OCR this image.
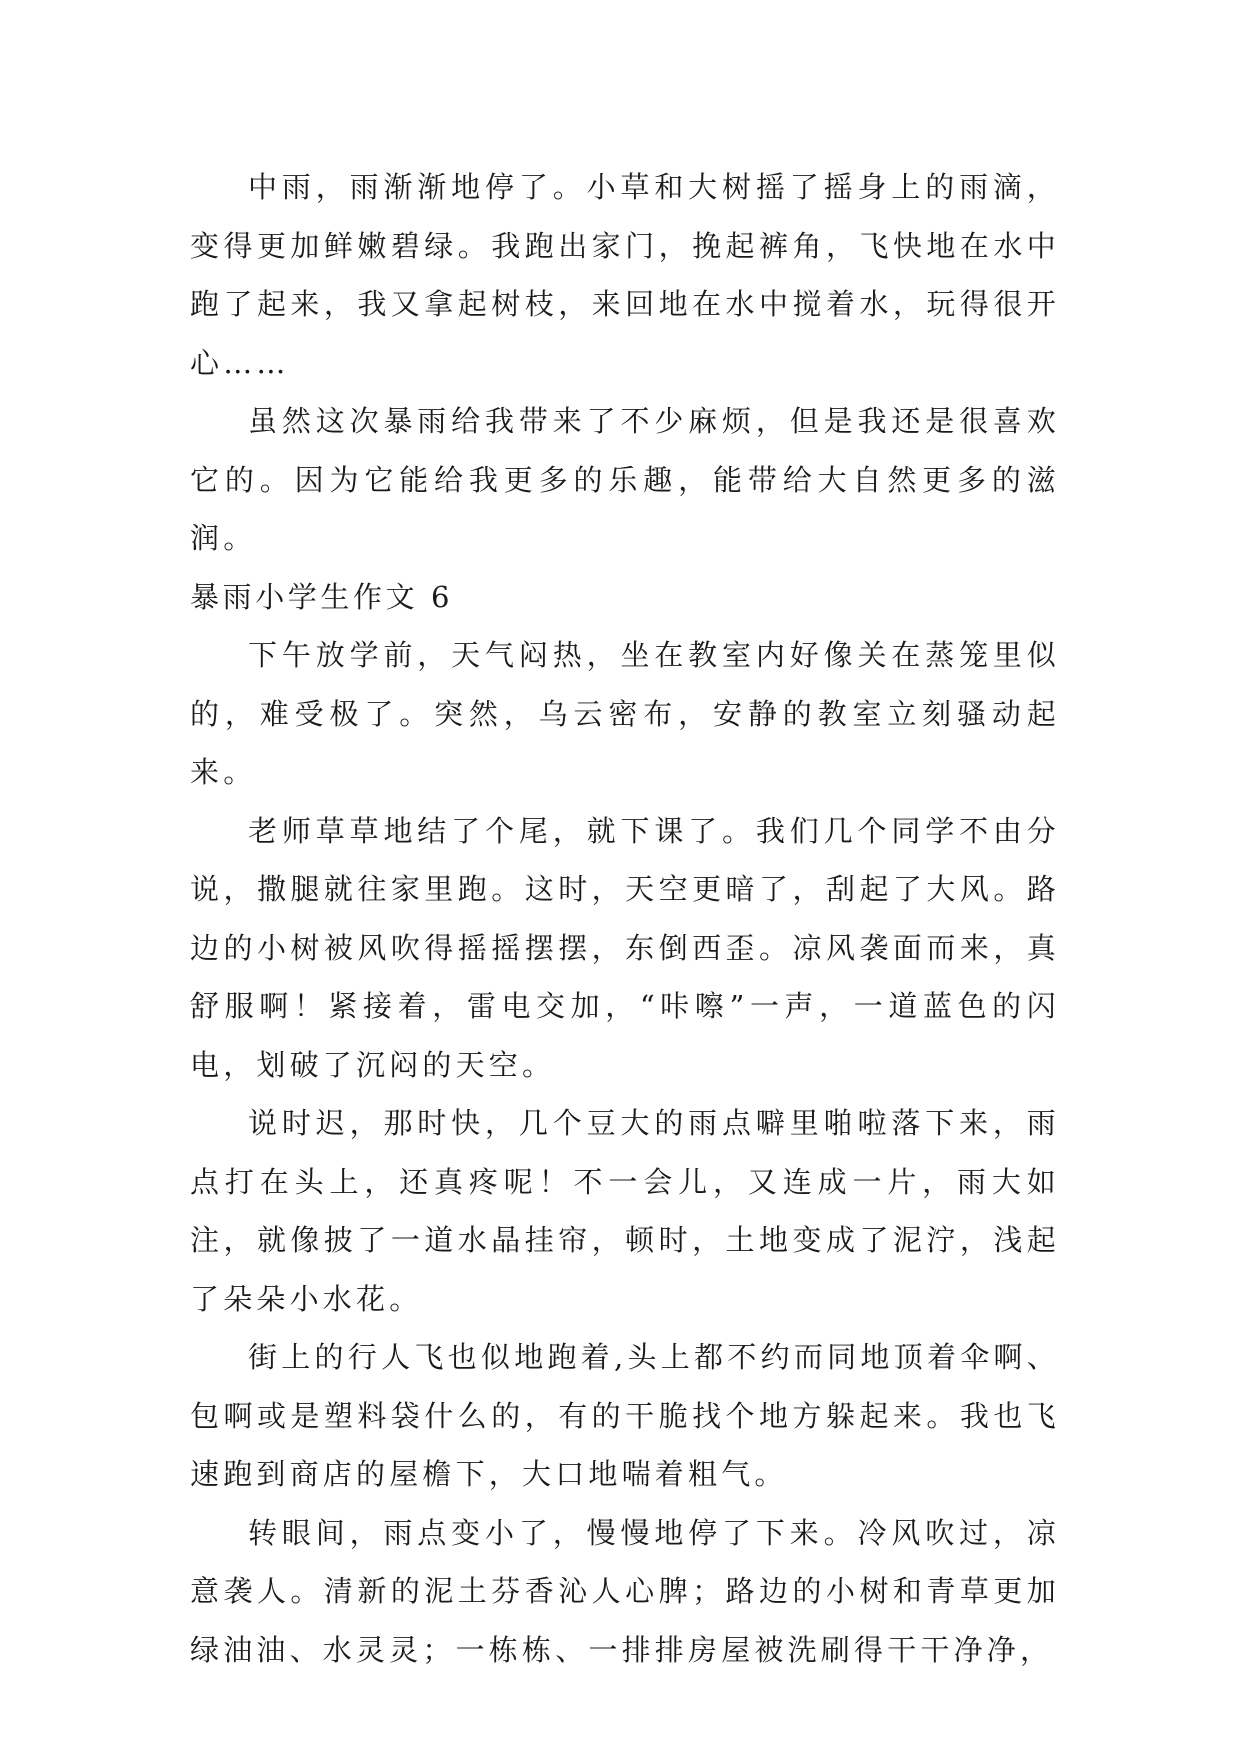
中雨，雨渐渐地停了。小草和大树摇了摇身上的雨滴，变得更加鲜嫩碧绿。我跑出家门，挽起裤角，飞快地在水中跑了起来，我又拿起树枝，来回地在水中搅着水，玩得很开心……

虽然这次暴雨给我带来了不少麻烦，但是我还是很喜欢它的。因为它能给我更多的乐趣，能带给大自然更多的滋润。

暴雨小学生作文 6

下午放学前，天气闷热，坐在教室内好像关在蒸笼里似的，难受极了。突然，乌云密布，安静的教室立刻骚动起来。

老师草草地结了个尾，就下课了。我们几个同学不由分说，撒腿就往家里跑。这时，天空更暗了，刮起了大风。路边的小树被风吹得摇摇摆摆，东倒西歪。凉风袭面而来，真舒服啊！紧接着，雷电交加，“咔嚓”一声，一道蓝色的闪电，划破了沉闷的天空。

说时迟，那时快，几个豆大的雨点噼里啪啦落下来，雨点打在头上，还真疼呢！不一会儿，又连成一片，雨大如注，就像披了一道水晶挂帘，顿时，土地变成了泥泞，浅起了朵朵小水花。

街上的行人飞也似地跑着,头上都不约而同地顶着伞啊、包啊或是塑料袋什么的，有的干脆找个地方躲起来。我也飞速跑到商店的屋檐下，大口地喘着粗气。

转眼间，雨点变小了，慢慢地停了下来。冷风吹过，凉意袭人。清新的泥土芬香沁人心脾；路边的小树和青草更加绿油油、水灵灵；一栋栋、一排排房屋被洗刷得干干净净，
